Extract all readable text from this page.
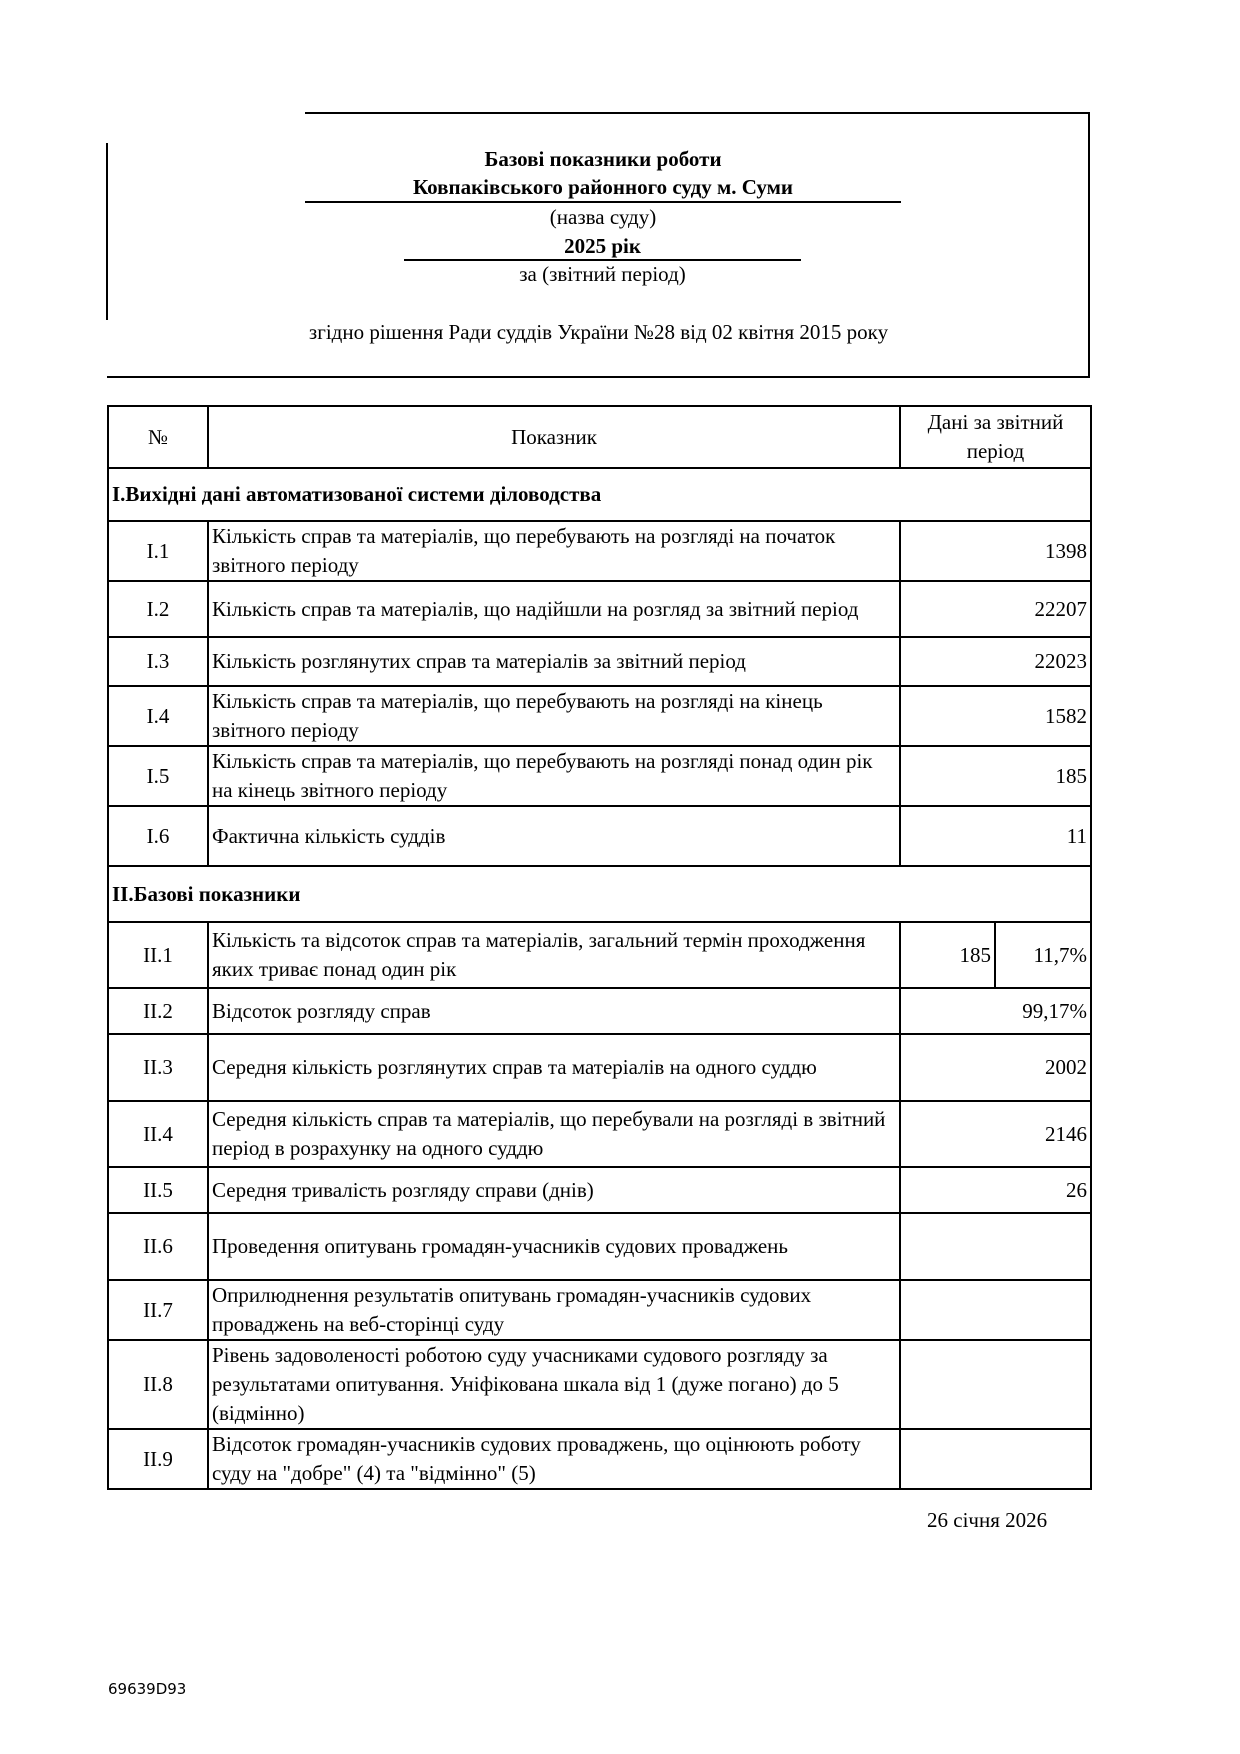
Базові показники роботи
Ковпаківського районного суду м. Суми
(назва суду)
2025 рік
за (звітний період)
згідно рішення Ради суддів України №28 від 02 квітня 2015 року
№	Показник	Дані за звітний період	
I.Вихідні дані автоматизованої системи діловодства			
I.1	Кількість справ та матеріалів, що перебувають на розгляді на початок звітного періоду	1398	
I.2	Кількість справ та матеріалів, що надійшли на розгляд за звітний період	22207	
I.3	Кількість розглянутих справ та матеріалів за звітний період	22023	
I.4	Кількість справ та матеріалів, що перебувають на розгляді на кінець звітного періоду	1582	
I.5	Кількість справ та матеріалів, що перебувають на розгляді понад один рік на кінець звітного періоду	185	
I.6	Фактична кількість суддів	11	
II.Базові показники			
II.1	Кількість та відсоток справ та матеріалів, загальний термін проходження яких триває понад один рік	185	11,7%
II.2	Відсоток розгляду справ	99,17%	
II.3	Середня кількість розглянутих справ та матеріалів на одного суддю	2002	
II.4	Середня кількість справ та матеріалів, що перебували на розгляді в звітний період в розрахунку на одного суддю	2146	
II.5	Середня тривалість розгляду справи (днів)	26	
II.6	Проведення опитувань громадян-учасників судових проваджень		
II.7	Оприлюднення результатів опитувань громадян-учасників судових проваджень на веб-сторінці суду		
II.8	Рівень задоволеності роботою суду учасниками судового розгляду за результатами опитування. Уніфікована шкала від 1 (дуже погано) до 5 (відмінно)		
II.9	Відсоток громадян-учасників судових проваджень, що оцінюють роботу суду на "добре" (4) та "відмінно" (5)		
26 січня 2026
69639D93
